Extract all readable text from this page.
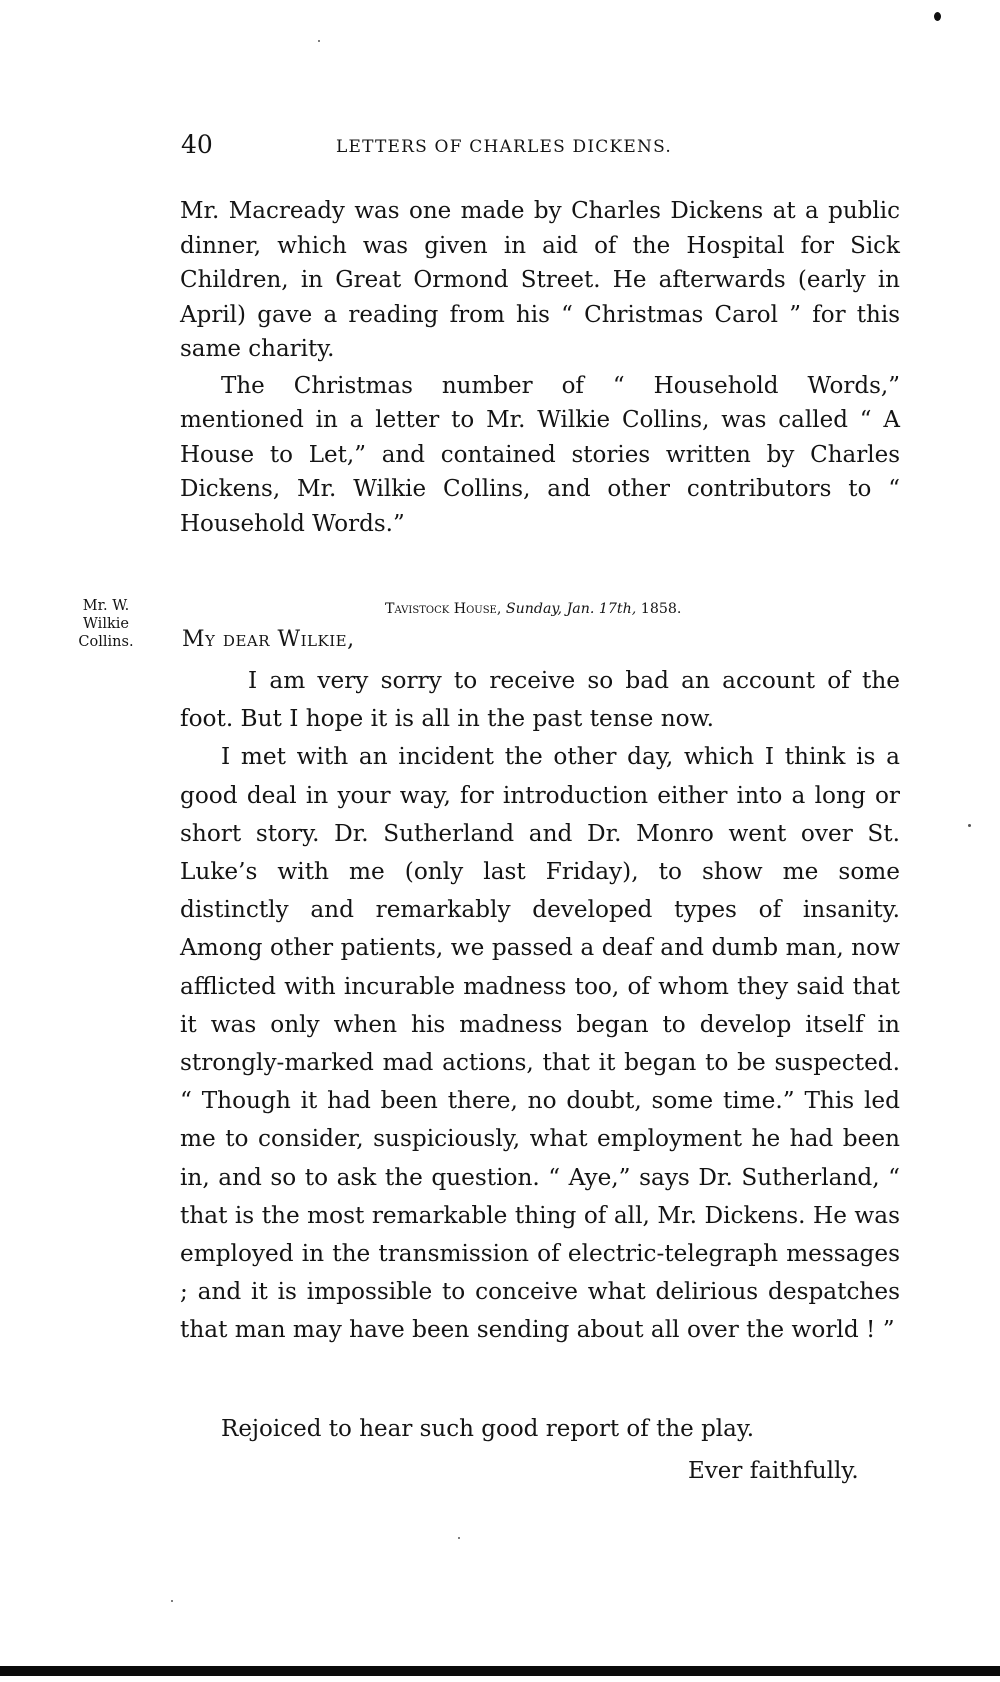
40	LETTERS OF CHARLES DICKENS.

Mr. Macready was one made by Charles Dickens at a public dinner, which was given in aid of the Hospital for Sick Children, in Great Ormond Street. He afterwards (early in April) gave a reading from his “ Christmas Carol ” for this same charity.

The Christmas number of “ Household Words,” mentioned in a letter to Mr. Wilkie Collins, was called “ A House to Let,” and contained stories written by Charles Dickens, Mr. Wilkie Collins, and other contributors to “ Household Words.”

Mr. W.
Wilkie
Collins.
Tavistock House, Sunday, Jan. 17th, 1858.
My dear Wilkie,

I am very sorry to receive so bad an account of the foot. But I hope it is all in the past tense now.

I met with an incident the other day, which I think is a good deal in your way, for introduction either into a long or short story. Dr. Sutherland and Dr. Monro went over St. Luke’s with me (only last Friday), to show me some distinctly and remarkably developed types of insanity. Among other patients, we passed a deaf and dumb man, now afflicted with incurable madness too, of whom they said that it was only when his madness began to develop itself in strongly-marked mad actions, that it began to be suspected. “ Though it had been there, no doubt, some time.” This led me to consider, suspiciously, what employment he had been in, and so to ask the question. “ Aye,” says Dr. Sutherland, “ that is the most remarkable thing of all, Mr. Dickens. He was employed in the transmission of electric-telegraph messages ; and it is impossible to conceive what delirious despatches that man may have been sending about all over the world ! ”

Rejoiced to hear such good report of the play.
Ever faithfully.
